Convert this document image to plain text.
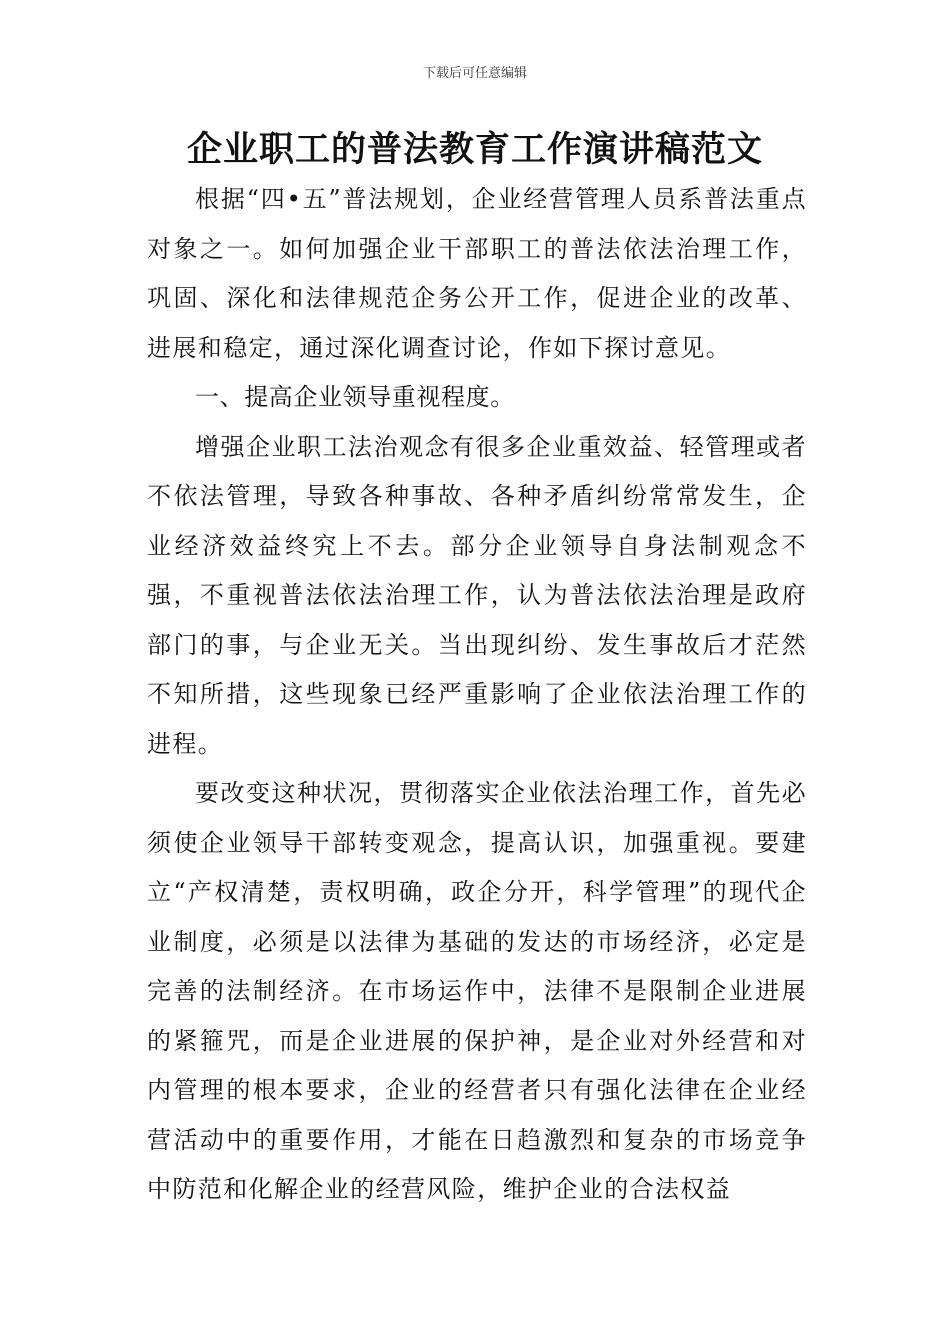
下载后可任意编辑
企业职工的普法教育工作演讲稿范文

根据“四•五”普法规划，企业经营管理人员系普法重点对象之一。如何加强企业干部职工的普法依法治理工作，巩固、深化和法律规范企务公开工作，促进企业的改革、进展和稳定，通过深化调查讨论，作如下探讨意见。

一、提高企业领导重视程度。

增强企业职工法治观念有很多企业重效益、轻管理或者不依法管理，导致各种事故、各种矛盾纠纷常常发生，企业经济效益终究上不去。部分企业领导自身法制观念不强，不重视普法依法治理工作，认为普法依法治理是政府部门的事，与企业无关。当出现纠纷、发生事故后才茫然不知所措，这些现象已经严重影响了企业依法治理工作的进程。

要改变这种状况，贯彻落实企业依法治理工作，首先必须使企业领导干部转变观念，提高认识，加强重视。要建立“产权清楚，责权明确，政企分开，科学管理”的现代企业制度，必须是以法律为基础的发达的市场经济，必定是完善的法制经济。在市场运作中，法律不是限制企业进展的紧箍咒，而是企业进展的保护神，是企业对外经营和对内管理的根本要求，企业的经营者只有强化法律在企业经营活动中的重要作用，才能在日趋激烈和复杂的市场竞争中防范和化解企业的经营风险，维护企业的合法权益
